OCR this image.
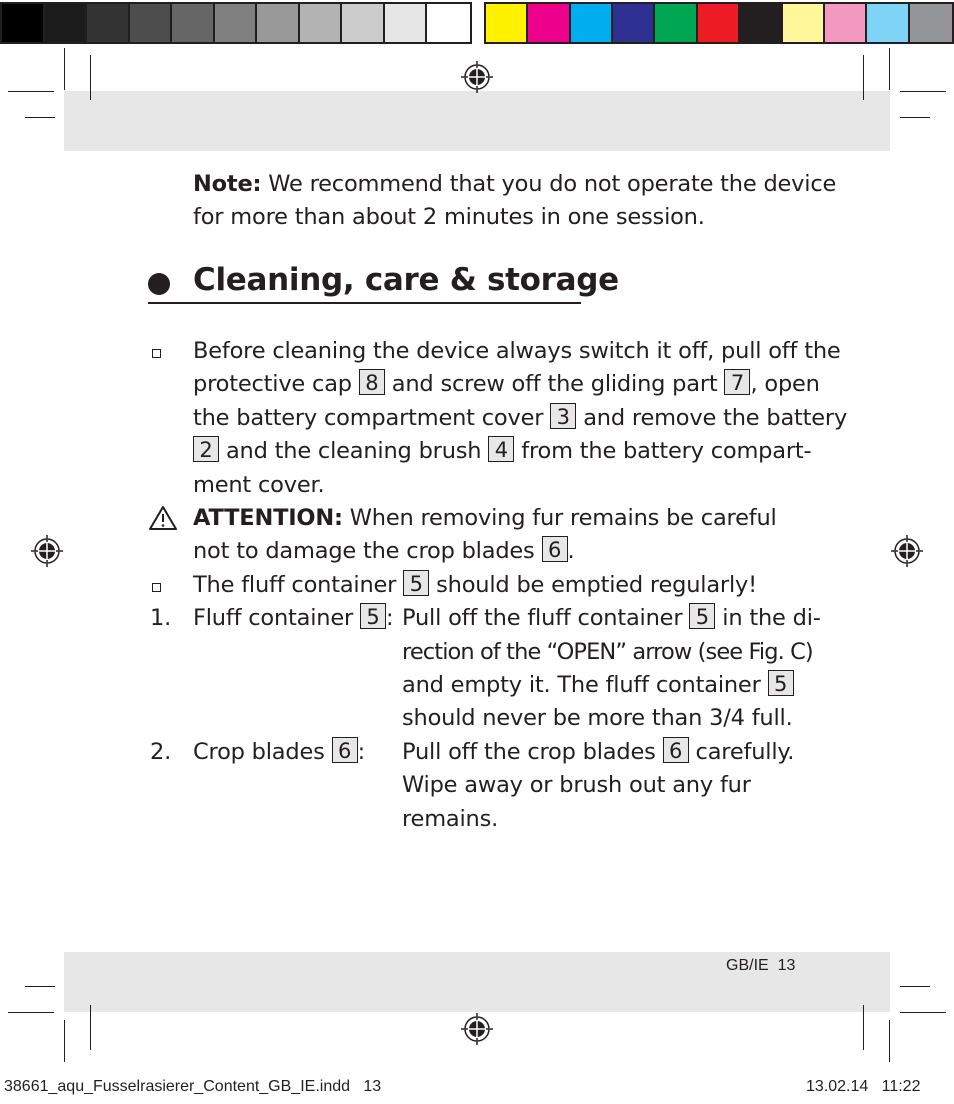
Note: We recommend that you do not operate the device
for more than about 2 minutes in one session.
Cleaning, care & storage
Before cleaning the device always switch it off, pull off the
protective cap 8 and screw off the gliding part 7 , open
the battery compartment cover 3 and remove the battery
2 and the cleaning brush 4 from the battery compart-
ment cover.
ATTENTION: When removing fur remains be careful
not to damage the crop blades 6 .
The fluff container 5 should be emptied regularly!
1. Fluff container 5 : Pull off the fluff container 5 in the di-
rection of the “OPEN” arrow (see Fig. C)
and empty it. The fluff container 5
should never be more than 3/4 full.
2. Crop blades 6 : Pull off the crop blades 6 carefully.
Wipe away or brush out any fur
remains.
GB/IE  13
38661_aqu_Fusselrasierer_Content_GB_IE.indd   13	13.02.14   11:22
